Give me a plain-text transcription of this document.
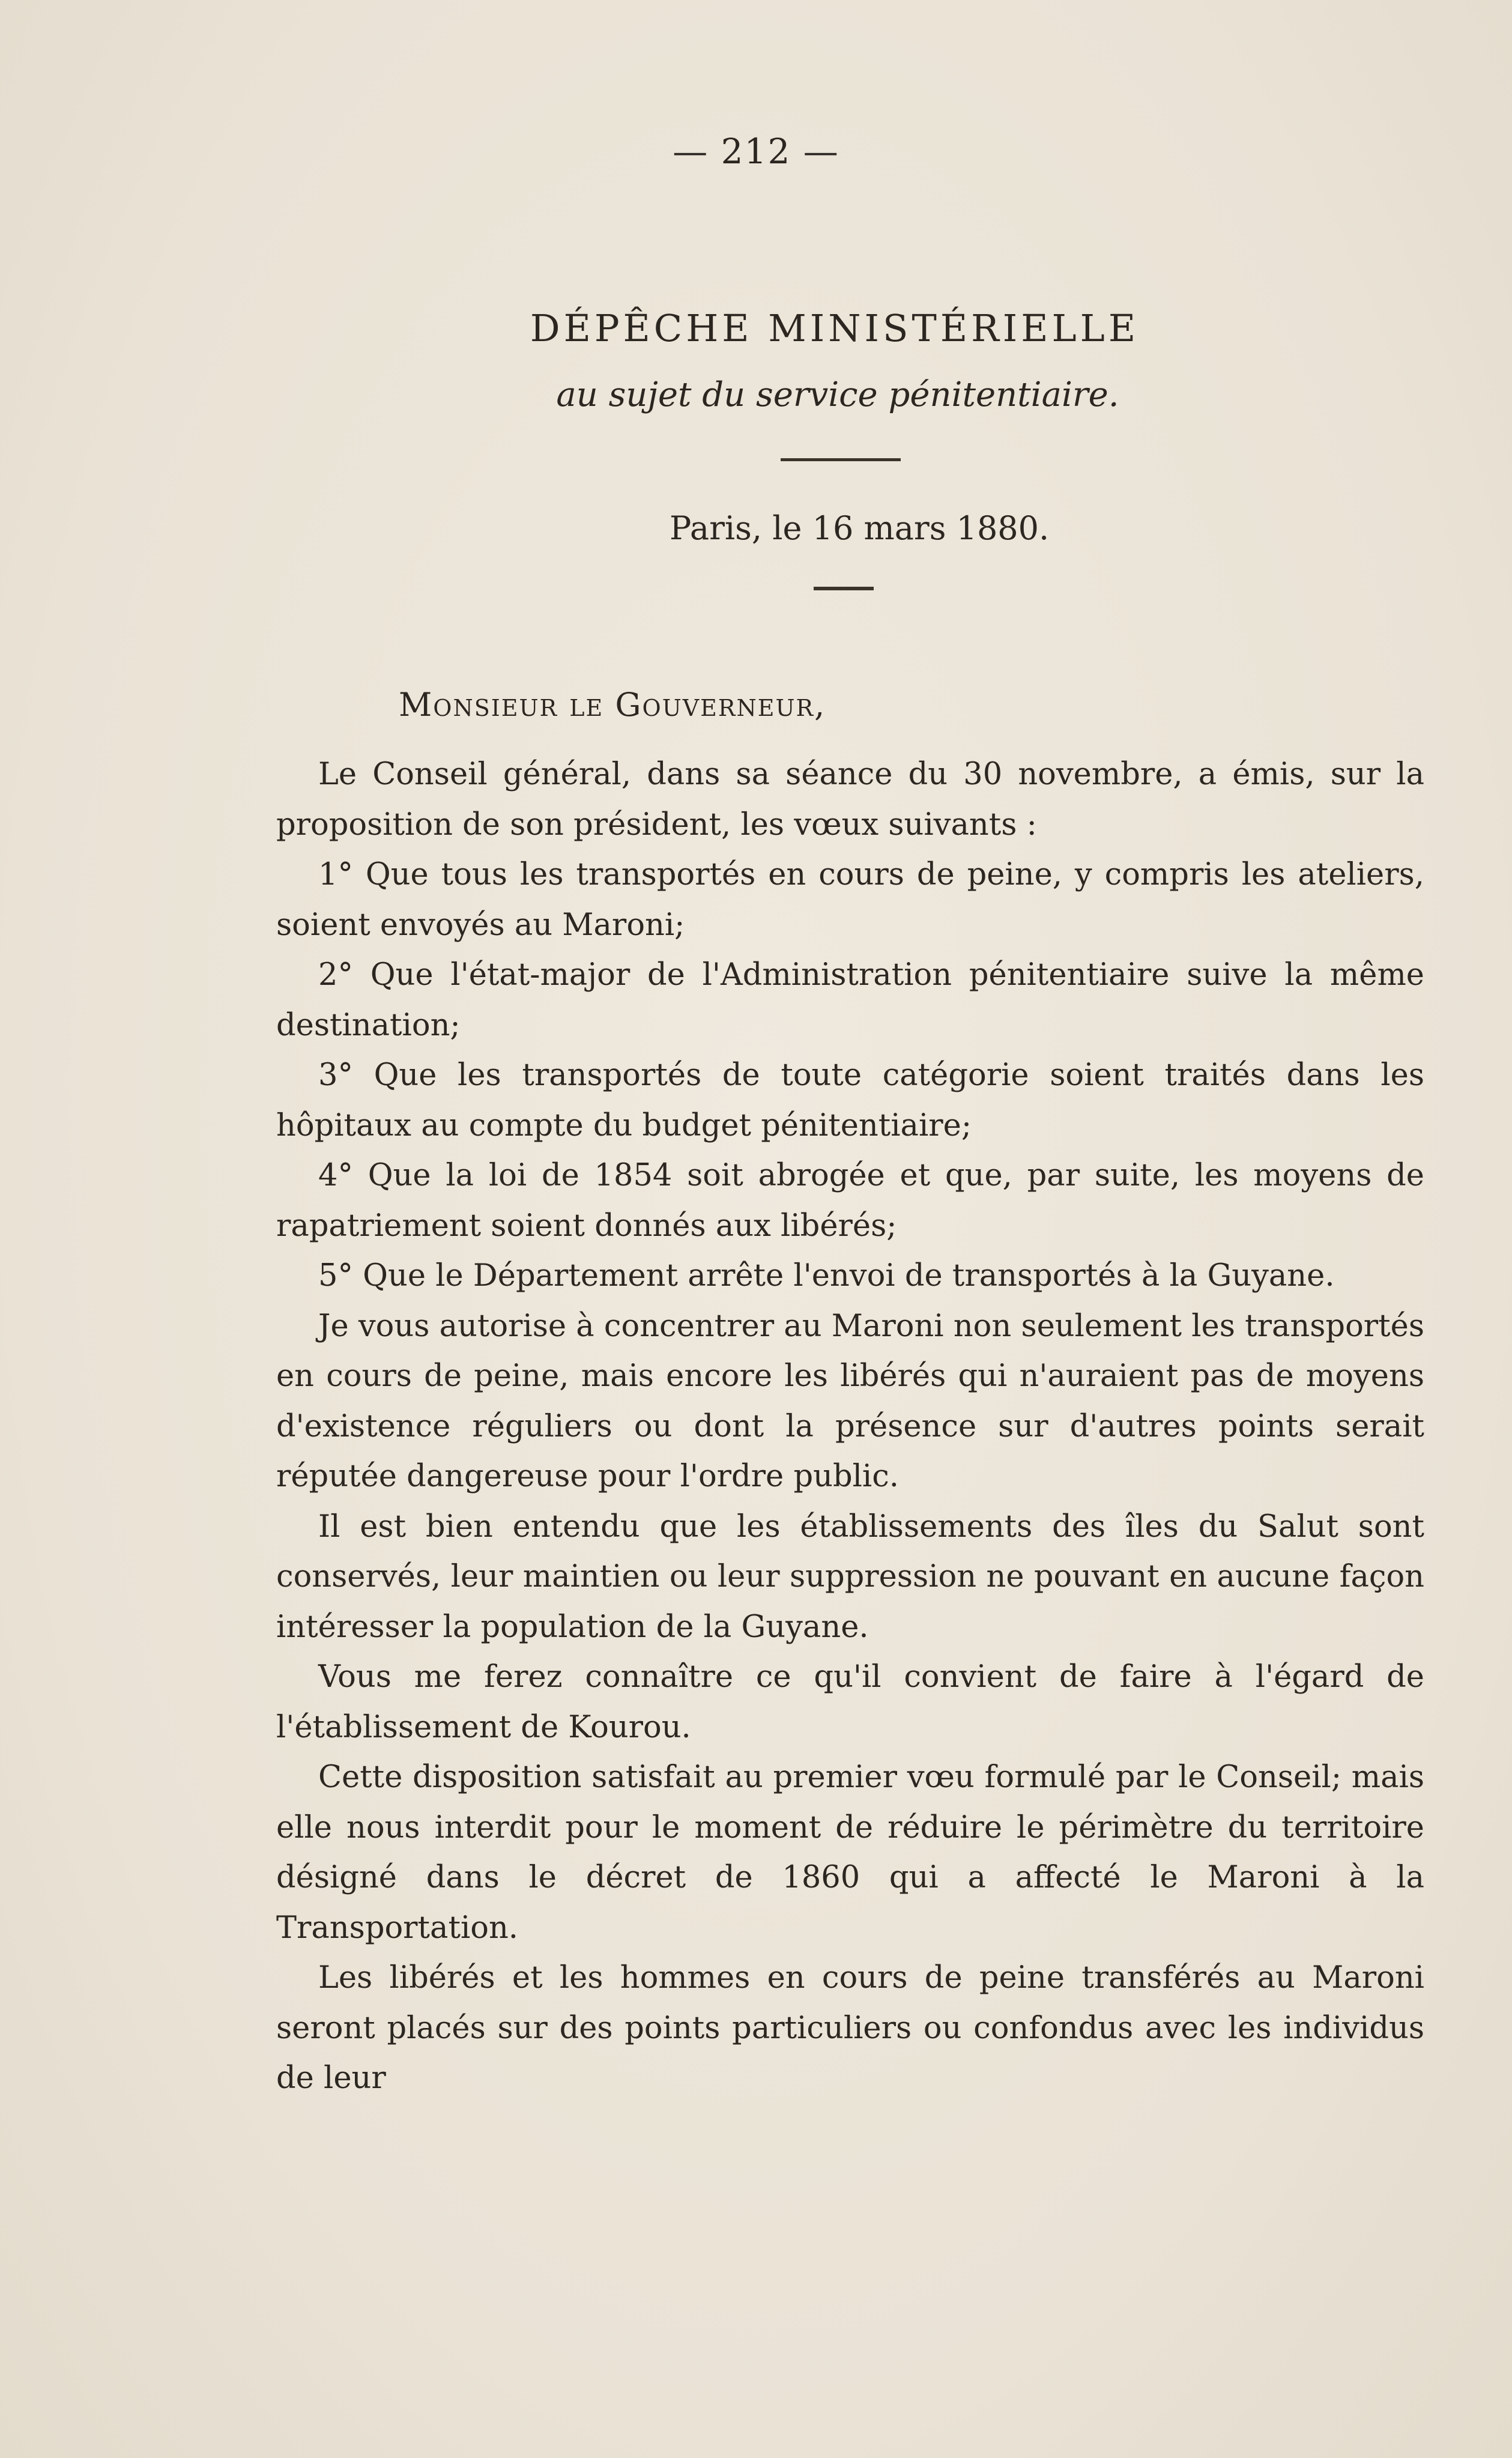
— 212 —
DÉPÊCHE MINISTÉRIELLE
au sujet du service pénitentiaire.
Paris, le 16 mars 1880.
Monsieur le Gouverneur,

Le Conseil général, dans sa séance du 30 novembre, a émis, sur la proposition de son président, les vœux suivants :

1° Que tous les transportés en cours de peine, y compris les ateliers, soient envoyés au Maroni;

2° Que l'état-major de l'Administration pénitentiaire suive la même destination;

3° Que les transportés de toute catégorie soient traités dans les hôpitaux au compte du budget pénitentiaire;

4° Que la loi de 1854 soit abrogée et que, par suite, les moyens de rapatriement soient donnés aux libérés;

5° Que le Département arrête l'envoi de transportés à la Guyane.

Je vous autorise à concentrer au Maroni non seulement les transportés en cours de peine, mais encore les libérés qui n'auraient pas de moyens d'existence réguliers ou dont la présence sur d'autres points serait réputée dangereuse pour l'ordre public.

Il est bien entendu que les établissements des îles du Salut sont conservés, leur maintien ou leur suppression ne pouvant en aucune façon intéresser la population de la Guyane.

Vous me ferez connaître ce qu'il convient de faire à l'égard de l'établissement de Kourou.

Cette disposition satisfait au premier vœu formulé par le Conseil; mais elle nous interdit pour le moment de réduire le périmètre du territoire désigné dans le décret de 1860 qui a affecté le Maroni à la Transportation.

Les libérés et les hommes en cours de peine transférés au Maroni seront placés sur des points particuliers ou confondus avec les individus de leur
